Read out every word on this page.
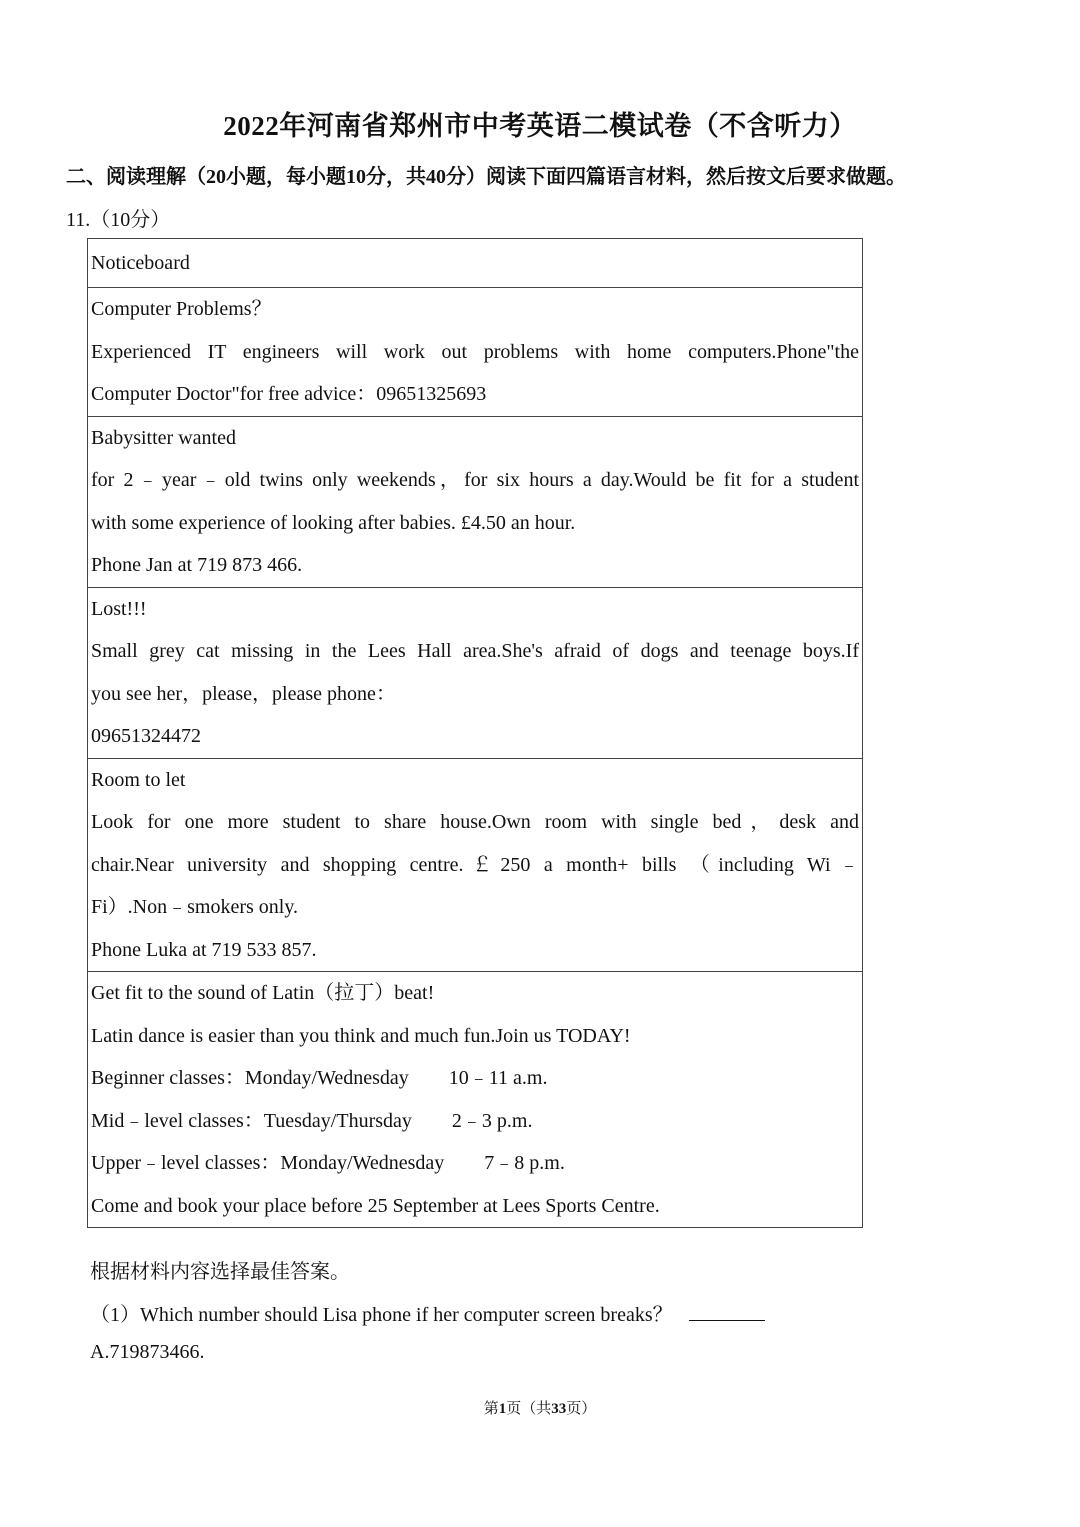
2022年河南省郑州市中考英语二模试卷（不含听力）

二、阅读理解（20小题，每小题10分，共40分）阅读下面四篇语言材料，然后按文后要求做题。

11.（10分）

Noticeboard

Computer Problems？
Experienced IT engineers will work out problems with home computers.Phone"the
Computer Doctor"for free advice：09651325693

Babysitter wanted
for 2﹣year﹣old twins only weekends，for six hours a day.Would be fit for a student
with some experience of looking after babies. £4.50 an hour.
Phone Jan at 719 873 466.

Lost!!!
Small grey cat missing in the Lees Hall area.She's afraid of dogs and teenage boys.If
you see her，please，please phone：
09651324472

Room to let
Look for one more student to share house.Own room with single bed，desk and
chair.Near university and shopping centre.￡250 a month+ bills （including Wi﹣
Fi）.Non﹣smokers only.
Phone Luka at 719 533 857.

Get fit to the sound of Latin（拉丁）beat!
Latin dance is easier than you think and much fun.Join us TODAY!
Beginner classes：Monday/Wednesday 10﹣11 a.m.
Mid﹣level classes：Tuesday/Thursday 2﹣3 p.m.
Upper﹣level classes：Monday/Wednesday 7﹣8 p.m.
Come and book your place before 25 September at Lees Sports Centre.

根据材料内容选择最佳答案。

（1）Which number should Lisa phone if her computer screen breaks？

A.719873466.

第1页（共33页）
